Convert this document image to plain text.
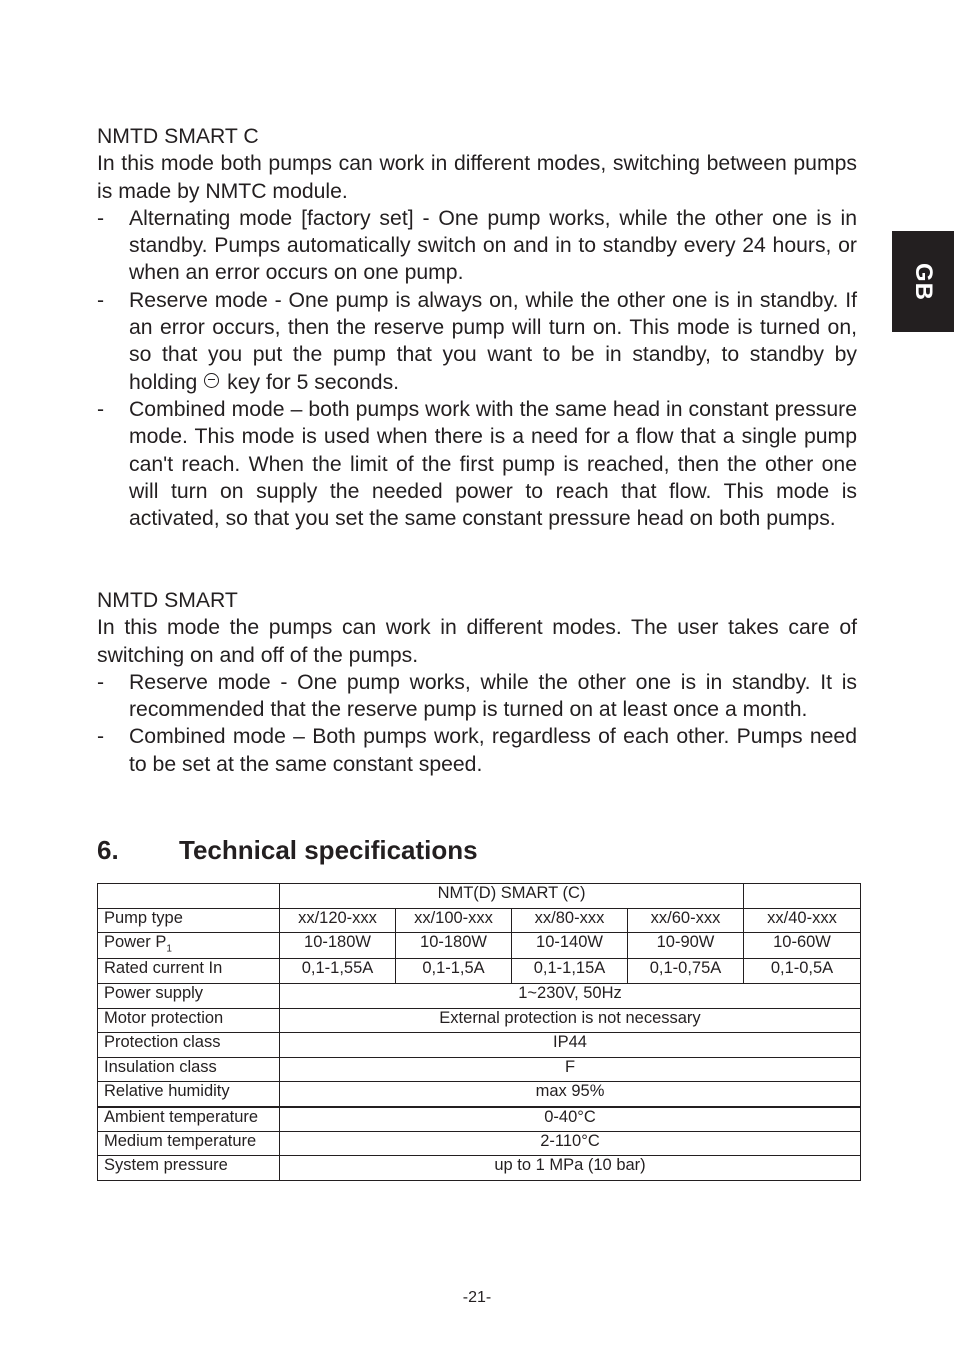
GB

NMTD SMART C

In this mode both pumps can work in different modes, switching between pumps is made by NMTC module.

- Alternating mode [factory set] - One pump works, while the other one is in standby. Pumps automatically switch on and in to standby every 24 hours, or when an error occurs on one pump.
- Reserve mode - One pump is always on, while the other one is in standby. If an error occurs, then the reserve pump will turn on. This mode is turned on, so that you put the pump that you want to be in standby, to standby by holding key for 5 seconds.
- Combined mode – both pumps work with the same head in constant pressure mode. This mode is used when there is a need for a flow that a single pump can't reach. When the limit of the first pump is reached, then the other one will turn on supply the needed power to reach that flow. This mode is activated, so that you set the same constant pressure head on both pumps.

NMTD SMART

In this mode the pumps can work in different modes. The user takes care of switching on and off of the pumps.

- Reserve mode - One pump works, while the other one is in standby. It is recommended that the reserve pump is turned on at least once a month.
- Combined mode – Both pumps work, regardless of each other. Pumps need to be set at the same constant speed.
6. Technical specifications
	NMT(D) SMART (C)				
Pump type	xx/120-xxx	xx/100-xxx	xx/80-xxx	xx/60-xxx	xx/40-xxx
Power $P_1$	10-180W	10-180W	10-140W	10-90W	10-60W
Rated current In	0,1-1,55A	0,1-1,5A	0,1-1,15A	0,1-0,75A	0,1-0,5A
Power supply	1~230V, 50Hz				
Motor protection	External protection is not necessary				
Protection class	IP44				
Insulation class	F				
Relative humidity	max 95%				
Ambient temperature	0-40°C				
Medium temperature	2-110°C				
System pressure	up to 1 MPa (10 bar)				
-21-
